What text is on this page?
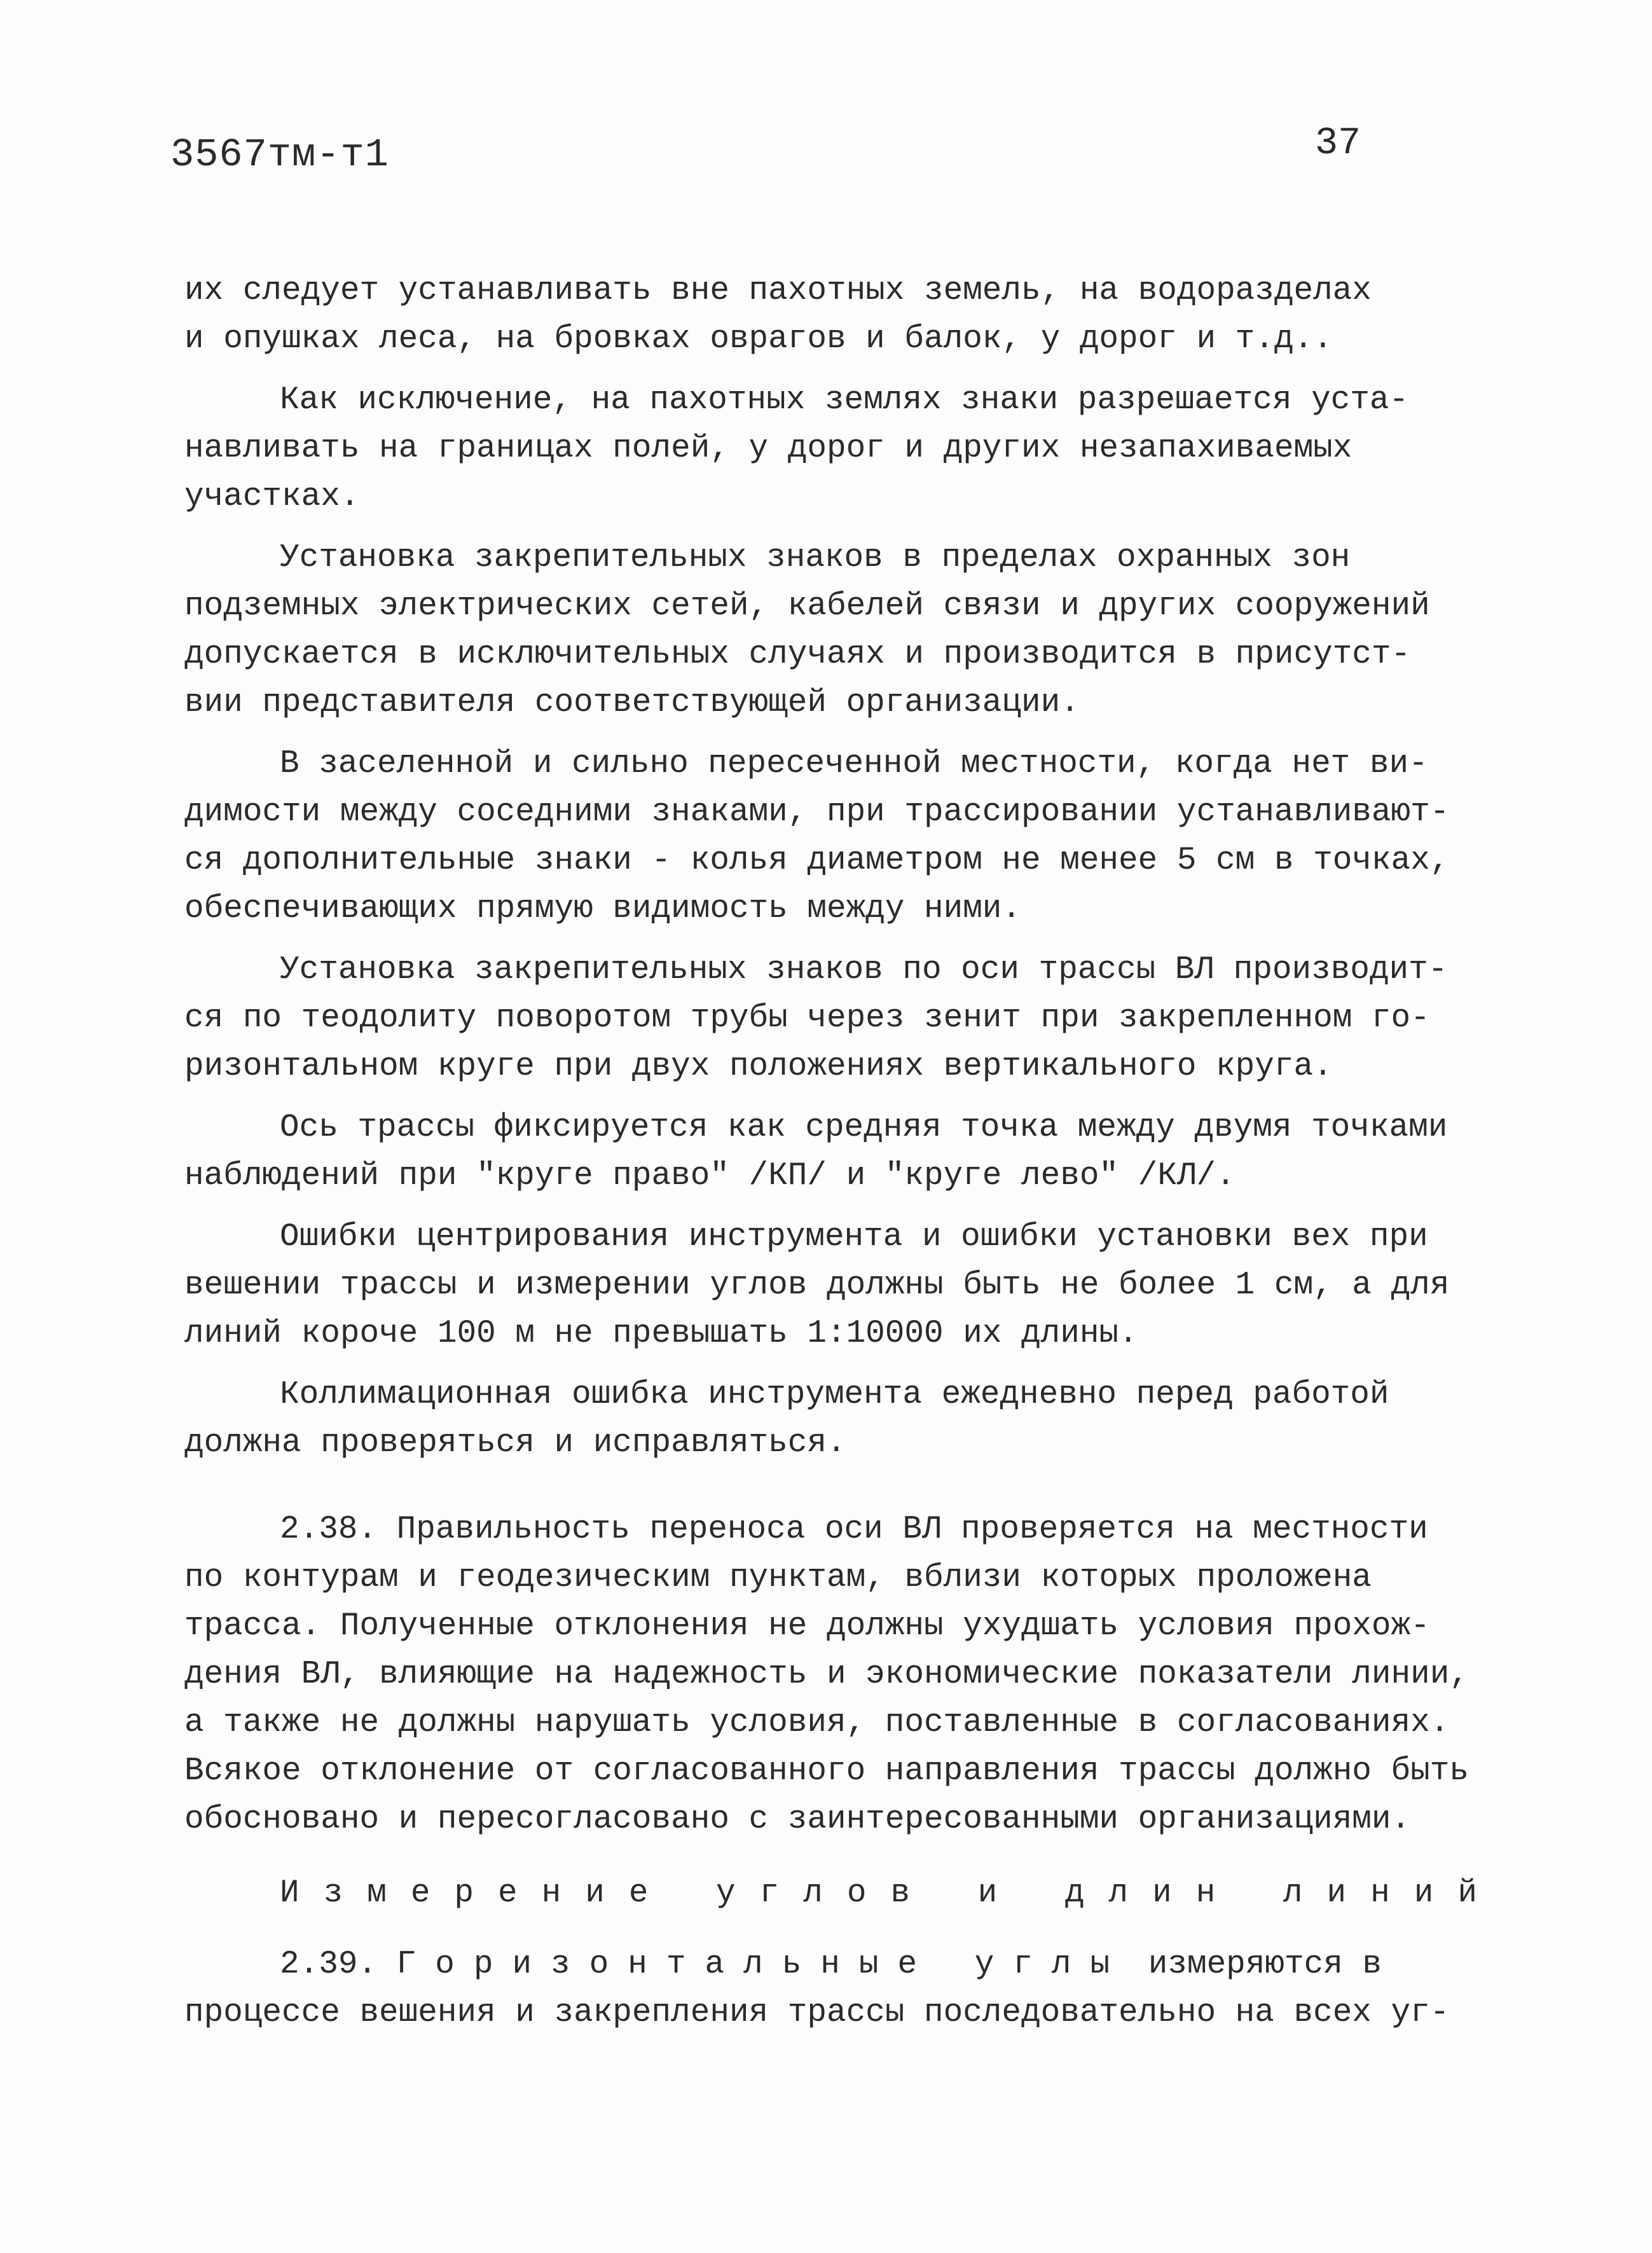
3567тм-т1	37
их следует устанавливать вне пахотных земель, на водоразделах
и опушках леса, на бровках оврагов и балок, у дорог и т.д..
Как исключение, на пахотных землях знаки разрешается уста-
навливать на границах полей, у дорог и других незапахиваемых
участках.
Установка закрепительных знаков в пределах охранных зон
подземных электрических сетей, кабелей связи и других сооружений
допускается в исключительных случаях и производится в присутст-
вии представителя соответствующей организации.
В заселенной и сильно пересеченной местности, когда нет ви-
димости между соседними знаками, при трассировании устанавливают-
ся дополнительные знаки - колья диаметром не менее 5 см в точках,
обеспечивающих прямую видимость между ними.
Установка закрепительных знаков по оси трассы ВЛ производит-
ся по теодолиту поворотом трубы через зенит при закрепленном го-
ризонтальном круге при двух положениях вертикального круга.
Ось трассы фиксируется как средняя точка между двумя точками
наблюдений при "круге право" /КП/ и "круге лево" /КЛ/.
Ошибки центрирования инструмента и ошибки установки вех при
вешении трассы и измерении углов должны быть не более 1 см, а для
линий короче 100 м не превышать 1:10000 их длины.
Коллимационная ошибка инструмента ежедневно перед работой
должна проверяться и исправляться.
2.38. Правильность переноса оси ВЛ проверяется на местности
по контурам и геодезическим пунктам, вблизи которых проложена
трасса. Полученные отклонения не должны ухудшать условия прохож-
дения ВЛ, влияющие на надежность и экономические показатели линии,
а также не должны нарушать условия, поставленные в согласованиях.
Всякое отклонение от согласованного направления трассы должно быть
обосновано и пересогласовано с заинтересованными организациями.
Измерение углов и длин линий
2.39. Горизонтальные углы измеряются в
процессе вешения и закрепления трассы последовательно на всех уг-
